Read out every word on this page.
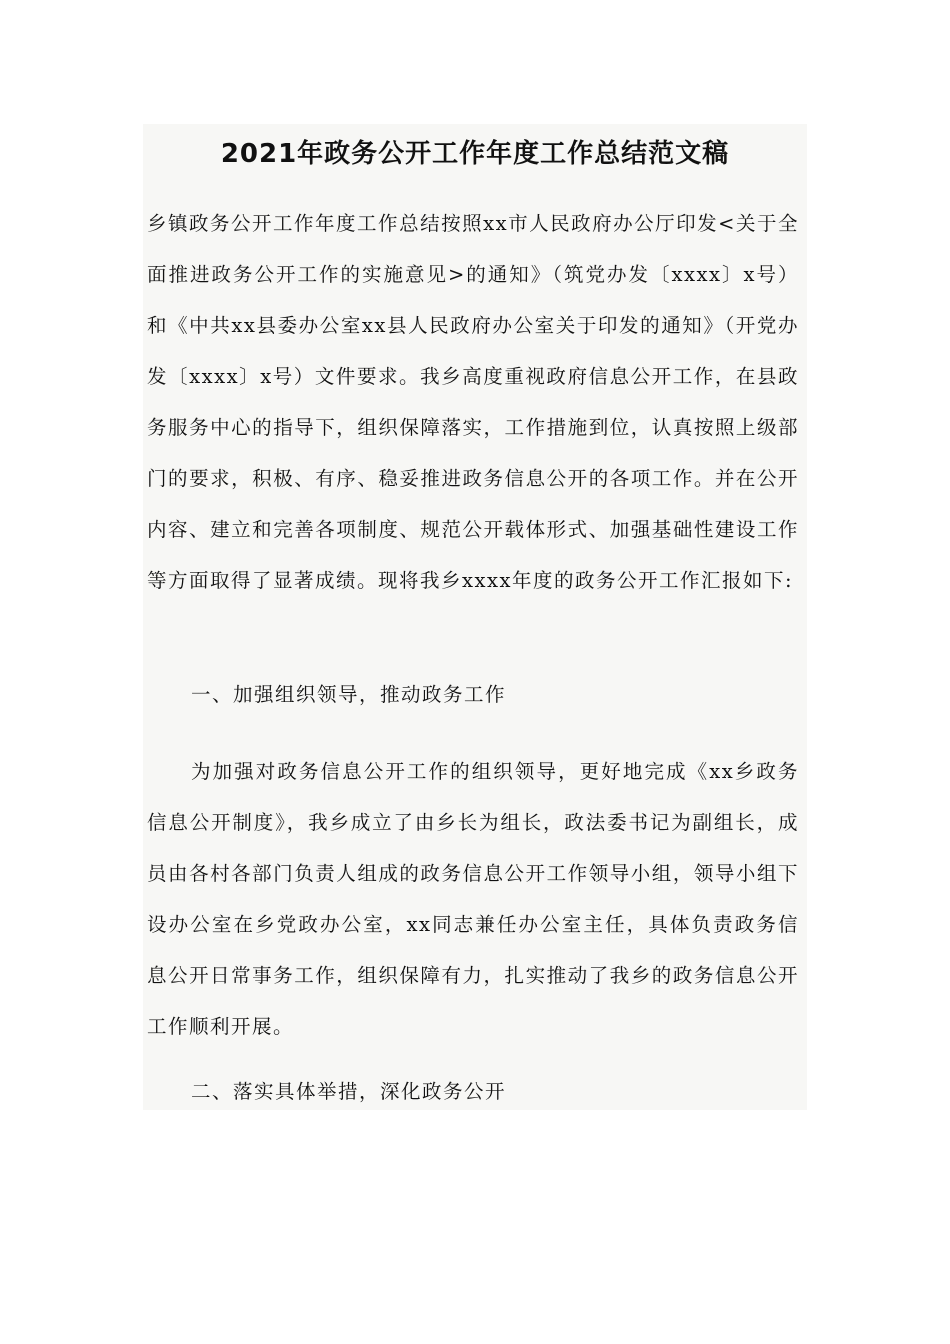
2021年政务公开工作年度工作总结范文稿

乡镇政务公开工作年度工作总结按照xx市人民政府办公厅印发<关于全面推进政务公开工作的实施意见>的通知》（筑党办发〔xxxx〕x号）和《中共xx县委办公室xx县人民政府办公室关于印发的通知》（开党办发〔xxxx〕x号）文件要求。我乡高度重视政府信息公开工作，在县政务服务中心的指导下，组织保障落实，工作措施到位，认真按照上级部门的要求，积极、有序、稳妥推进政务信息公开的各项工作。并在公开内容、建立和完善各项制度、规范公开载体形式、加强基础性建设工作等方面取得了显著成绩。现将我乡xxxx年度的政务公开工作汇报如下:

一、加强组织领导，推动政务工作

为加强对政务信息公开工作的组织领导，更好地完成《xx乡政务信息公开制度》，我乡成立了由乡长为组长，政法委书记为副组长，成员由各村各部门负责人组成的政务信息公开工作领导小组，领导小组下设办公室在乡党政办公室，xx同志兼任办公室主任，具体负责政务信息公开日常事务工作，组织保障有力，扎实推动了我乡的政务信息公开工作顺利开展。

二、落实具体举措，深化政务公开
